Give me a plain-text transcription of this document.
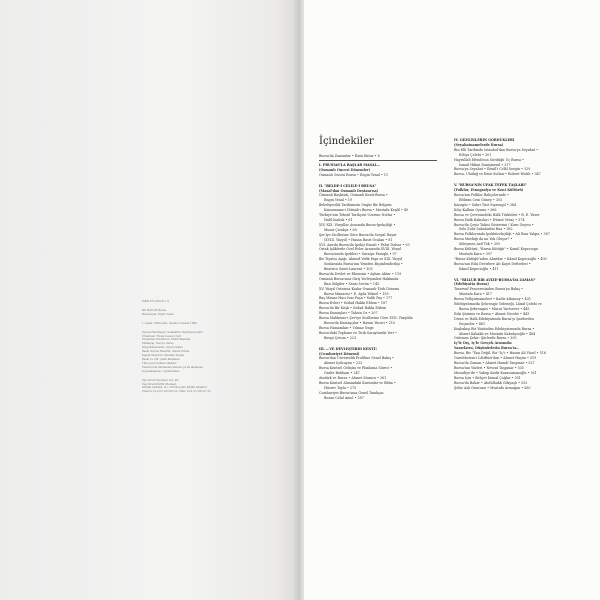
ISBN 975-363-611-9
Bir Metrolit Bursa
Hazırlayan: Engin Yenal
1. baskı: 3000 adet, İstanbul, Kasım 1996
Yayına Hazırlayan: Selahattin Değirmencioğlu
Yönetmen: Fırsat Gezen Lüvit
Yönetmen Yardımcısı: Melih Başaran
Mizanpaj: Naciye Özbey
Dizgi/Düzenleme: Ayten Özkan
Baskı Öncesi Hazırlık: Ahmet Erkan
Kapak Tasarımı: Mustafa Doğan
Baskı ve Cilt: Şefik Matbaası
Tüm yayın hakları saklıdır.
Yazarın izni alınmadan kısmen ya da tamamen
kopyalanamaz, çoğaltılamaz.
Yapı Kredi Yayınları Ltd. Şti.
Yapı Kredi Kültür Merkezi
İstiklal Caddesi, No: 285 Beyoğlu 80050 İstanbul
Telefon: (0-212) 293 08 24 - Faks: (0-212) 293 07 23
İçindekiler
Bursa'da Zamanlar • Emir Batur • 6
I. PRUSİAS'LA BAŞLAR MASAL...
(Osmanlı Öncesi Dönemler)
Osmanlı Öncesi Bursa • Engin Yenal • 11
II. "BELDE-İ CELİLE-İ BRUSA"
(Masal'dan Osmanlı Destanı'na)
Osmanlı Başkenti, Osmanlı Kenti-Bursa •
Engin Yenal • 19
Belediyecilik Tarihimizin Öngür Bir Belgesi:
Kanunname-i Ihtisab-ı Bursa • Mustafa Keşfil • 49
Türkiye'nin Tekstil Tarihçesi Üzerine Notlar •
Halil İnalcık • 61
XIV.-XIX. Yüzyıllar Arasında Bursa-İpekçiliği •
Murat Çizakça • 69
Şer'iye Sicillerine Göre Bursa'da Sosyal Hayat
(XVIII. Yüzyıl) • Hasan Basri Öcalan • 81
XVI. Asırda Bursa'da İpekçi Esnafı • Fahri Dalsar • 93
Ortak İşliklerde Özel Evler Arasında XVIII. Yüzyıl
Bursa'sında İpekleri • Suraiya Faroqhi • 97
Bir Tiyatro Aşığı: Ahmed Vefik Paşa ve XIX. Yüzyıl
Sonlarında Bursa'nın Yeniden Biçimlendirilişi •
Beatrice Saint-Laurent • 105
Bursa'da Devlet ve Ekonomi • Ayhan Aktar • 119
Osmanlı Bursa'sına Giriş Yerleşimleri Hakkında
Bazı Bilgiler • Sezai Sevim • 145
XV. Yüzyıl Ortasına Kadar Osmanlı-Türk Dönemi
Bursa Mimarisi • E. Ayda Yüksel • 159
Baş Mimar Hacı İvaz Paşa • Salih Paş • 177
Bursa Evleri • Sedad Hakkı Eldem • 187
Bursa'da Bir Köşk • Sedad Hakkı Eldem
Bursa Kumaşları • Tahsin Öz • 207
Bursa Mahkeme-i Şer'iye Sicillerine Göre XVII. Yüzyılda
Bursa'da Kumaşçılar • Hasan Yüceri • 215
Bursa Hamamları • Yılmaz Önge
Bursa'daki Tophane ve Tırık Saraytaraki Yeri •
Bengi Çetum • 223
III. ...VE DEVLEŞTİRDİ KENTİ!
(Cumhuriyet Dönemi)
Bursa'dan Ünverrelik Profiline Genel Bakış •
Ahmet İçelcayan • 233
Bursa Kentsel Gelişim ve Planlama Süreci •
Önder Bulduan • 247
Atatürk ve Bursa • Ahmet Mumcu • 261
Bursa Kentsel Alanındaki Kurumlar ve Bilim •
Hüsrev Tayla • 275
Cumhuriyet Bursa'sına Genel Tanıkçıa:
Bozan Celal Aniol • 287
IV. GEZGİNLERİN GÖRDÜKLERİ
(Seyahatnamelerde Bursa)
Bin Elli Tarihinde İstanbul'dan Bursa'ya Seyahat •
Evliya Çelebi • 301
Hayrullah Efendi'nin Gördüğü Üç Bursa •
Ismail Hikmi Danişmend • 317
Bursa'ya Seyahat • İbrail'i Celâl Sezgin • 329
Bursa, Uludağ ve Emir Sultan • Robert Walsh • 347
V. "BURSA'NIN UFAK TEFEK TAŞLARI"
(Folklor, Etnografya ve Kent Kültürü)
Bursa'nın Folklor Bahçelerinde •
Efdiran Cem Güney • 355
Karagöz • Sabri Tüzt Siyavugil • 364
Kılıç-Kalkan Oyunu • 366
Bursa ve Çevresindeki Halk Türküleri • R. E. Yüzer
Bursa Halk Rakısları • Hüsnü Ortaç • 374
Bursa'da Çeyiz Takisi Gösterimi / Kuru Geyesi •
Selo Zuhr Sabahattin Rua • 382
Bursa Folklorunda İpekböcekçiliği • Ali Rıza Yalgın • 387
Bursa Mutfağı da mı Yok Oluyor? •
Süleymen Arif Tek • 393
Bursa Kültürü, "Bursa Kütüğü" • Kamil Kepeciogu
Mustafa Kara • 397
"Bursa Kütüğü"nden Alıntılar • Kâmil Kepecioğlu • 400
Bursa'nın Eski Devirlere Ait Kayıt Defterleri •
Kâmil Kepecioğlu • 411
VI. "BİLLÛR BİR ÂVİZE-BURSA'DA ZAMAN"
(Edebiyatta Bursa)
Tasavvuf Penceresinden Bursa'ya Bakış •
Mustafa Kara • 417
Bursa Velhyatnameleri • Kadir Atlansoy • 431
Edebiyatımızda Şehrengiz Geleneği, Lâmiî Çelebi ve
Bursa Şehrengizi • Murat Yurtsever • 445
Eski Şiirimiz ve Bursa • Ahmet Necdet • 443
Divan ve Halk Edebiyatında Bursa'yı Şairlerden
Seçmeler • 461
Kuşbakışı Bir Yönünden Edebiyatımızda Bursa •
Ahmet Kabaklı ve Mustafa Kabakçıoğlu • 484
Özlemen Şehir: Şiirlerde Bursa • 395
İç'le Dış, İç'le Gerçek Arasında:
Yazarların, Düşünürlerin Bursa'sı...
Bursa, Bir "Taşı Değil, Bir "İç"ı • Hasan Âli Yücel • 516
Gurubhetem-i Lâtiftüri'dan • Ahmet Haşim • 519
Bursa'da Zaman • Ahmet Hamdi Tanpınar • 527
Bursa'nın Yüzleri • Nevzat Taşpınar • 535
Muradiye'de • Yakup Kadri Karaosmanoğlu • 551
Bursa İçin • Behçet Kemal Çağlar • 551
Bursa'da Bahar • Abdülhakk Gökyaşlı • 553
Şehir Aslı Onurunu • Mustafa Armağan • 560
